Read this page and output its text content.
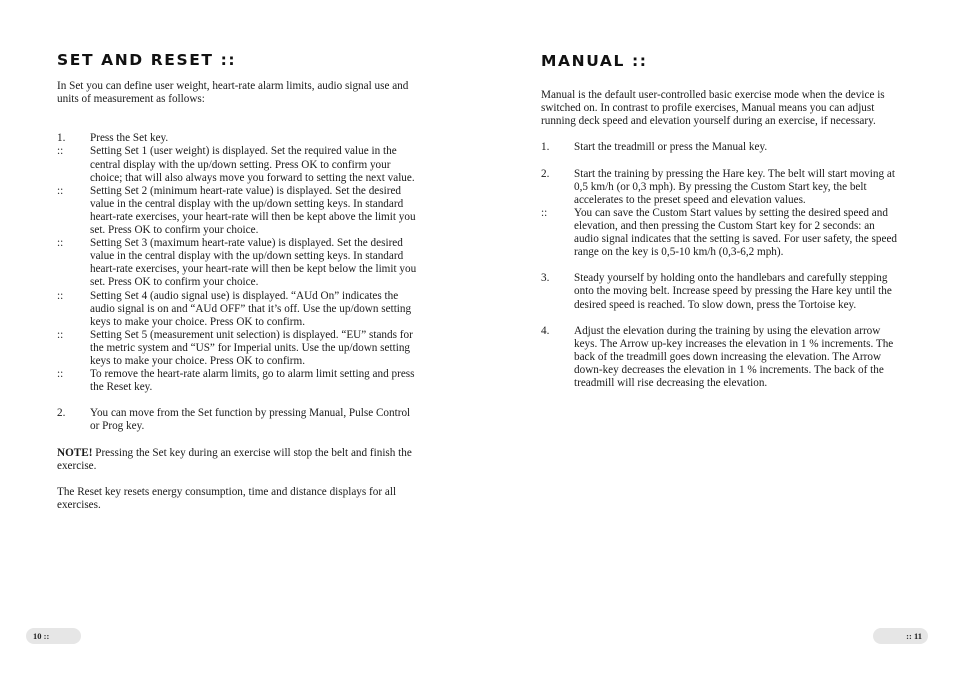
SET AND RESET ::

In Set you can define user weight, heart-rate alarm limits, audio signal use and units of measurement as follows:

1.	Press the Set key.
::	Setting Set 1 (user weight) is displayed. Set the required value in the central display with the up/down setting. Press OK to confirm your choice; that will also always move you forward to setting the next value.
::	Setting Set 2 (minimum heart-rate value) is displayed. Set the desired value in the central display with the up/down setting keys. In standard heart-rate exercises, your heart-rate will then be kept above the limit you set. Press OK to confirm your choice.
::	Setting Set 3 (maximum heart-rate value) is displayed. Set the desired value in the central display with the up/down setting keys. In standard heart-rate exercises, your heart-rate will then be kept below the limit you set. Press OK to confirm your choice.
::	Setting Set 4 (audio signal use) is displayed. “AUd On” indicates the audio signal is on and “AUd OFF” that it’s off. Use the up/down setting keys to make your choice. Press OK to confirm.
::	Setting Set 5 (measurement unit selection) is displayed. “EU” stands for the metric system and “US” for Imperial units. Use the up/down setting keys to make your choice. Press OK to confirm.
::	To remove the heart-rate alarm limits, go to alarm limit setting and press the Reset key.
2.	You can move from the Set function by pressing Manual, Pulse Control or Prog key.

NOTE! Pressing the Set key during an exercise will stop the belt and finish the exercise.

The Reset key resets energy consumption, time and distance displays for all exercises.

MANUAL ::

Manual is the default user-controlled basic exercise mode when the device is switched on. In contrast to profile exercises, Manual means you can adjust running deck speed and elevation yourself during an exercise, if necessary.

1.	Start the treadmill or press the Manual key.
2.	Start the training by pressing the Hare key. The belt will start moving at 0,5 km/h (or 0,3 mph). By pressing the Custom Start key, the belt accelerates to the preset speed and elevation values.
::	You can save the Custom Start values by setting the desired speed and elevation, and then pressing the Custom Start key for 2 seconds: an audio signal indicates that the setting is saved. For user safety, the speed range on the key is 0,5-10 km/h (0,3-6,2 mph).
3.	Steady yourself by holding onto the handlebars and carefully stepping onto the moving belt. Increase speed by pressing the Hare key until the desired speed is reached. To slow down, press the Tortoise key.
4.	Adjust the elevation during the training by using the elevation arrow keys. The Arrow up-key increases the elevation in 1 % increments. The back of the treadmill goes down increasing the elevation. The Arrow down-key decreases the elevation in 1 % increments. The back of the treadmill will rise decreasing the elevation.
10 ::	:: 11
